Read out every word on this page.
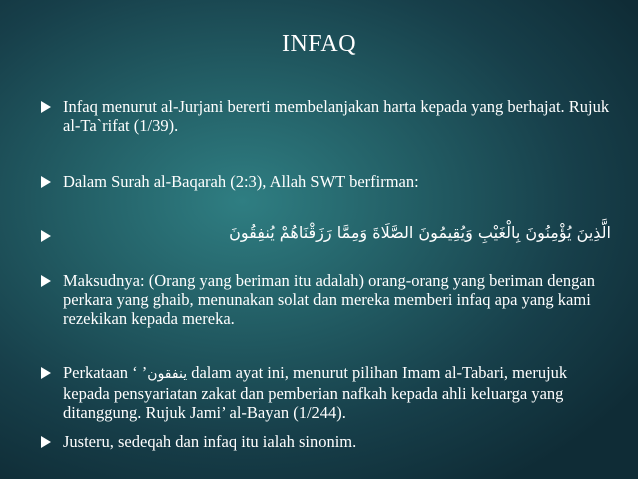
INFAQ
Infaq menurut al-Jurjani bererti membelanjakan harta kepada yang berhajat. Rujuk al-Ta`rifat (1/39).
Dalam Surah al-Baqarah (2:3), Allah SWT berfirman:
الَّذِينَ يُؤْمِنُونَ بِالْغَيْبِ وَيُقِيمُونَ الصَّلَاةَ وَمِمَّا رَزَقْنَاهُمْ يُنفِقُونَ
Maksudnya: (Orang yang beriman itu adalah) orang-orang yang beriman dengan perkara yang ghaib, menunakan solat dan mereka memberi infaq apa yang kami rezekikan kepada mereka.
Perkataan ‘ ’ينفقون dalam ayat ini, menurut pilihan Imam al-Tabari, merujuk kepada pensyariatan zakat dan pemberian nafkah kepada ahli keluarga yang ditanggung. Rujuk Jami’ al-Bayan (1/244).
Justeru, sedeqah dan infaq itu ialah sinonim.
